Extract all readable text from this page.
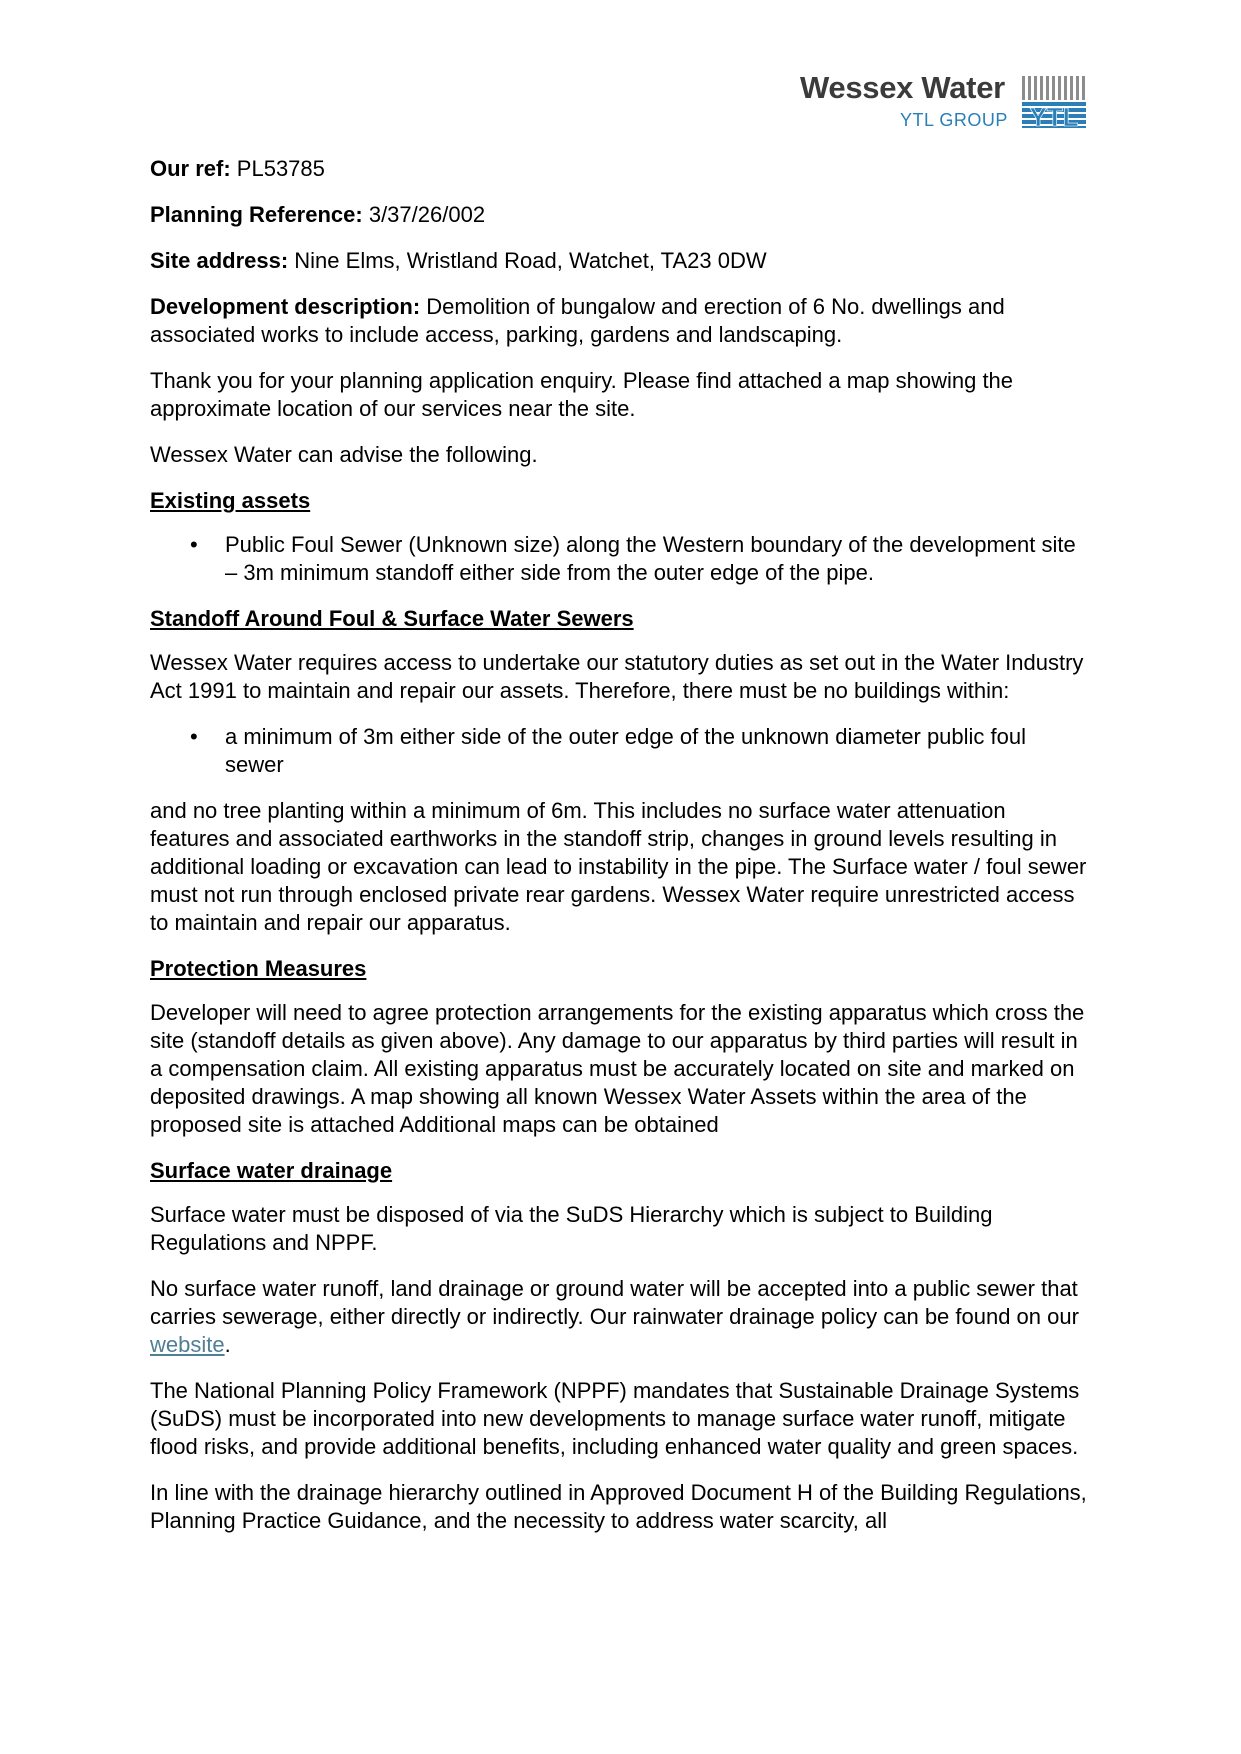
Wessex Water
YTL GROUP YTL

Our ref: PL53785

Planning Reference: 3/37/26/002

Site address: Nine Elms, Wristland Road, Watchet, TA23 0DW

Development description: Demolition of bungalow and erection of 6 No. dwellings and associated works to include access, parking, gardens and landscaping.

Thank you for your planning application enquiry. Please find attached a map showing the approximate location of our services near the site.

Wessex Water can advise the following.

Existing assets
• Public Foul Sewer (Unknown size) along the Western boundary of the development site – 3m minimum standoff either side from the outer edge of the pipe.
Standoff Around Foul & Surface Water Sewers

Wessex Water requires access to undertake our statutory duties as set out in the Water Industry Act 1991 to maintain and repair our assets. Therefore, there must be no buildings within:

• a minimum of 3m either side of the outer edge of the unknown diameter public foul sewer

and no tree planting within a minimum of 6m. This includes no surface water attenuation features and associated earthworks in the standoff strip, changes in ground levels resulting in additional loading or excavation can lead to instability in the pipe. The Surface water / foul sewer must not run through enclosed private rear gardens. Wessex Water require unrestricted access to maintain and repair our apparatus.

Protection Measures

Developer will need to agree protection arrangements for the existing apparatus which cross the site (standoff details as given above). Any damage to our apparatus by third parties will result in a compensation claim. All existing apparatus must be accurately located on site and marked on deposited drawings. A map showing all known Wessex Water Assets within the area of the proposed site is attached Additional maps can be obtained

Surface water drainage

Surface water must be disposed of via the SuDS Hierarchy which is subject to Building Regulations and NPPF.

No surface water runoff, land drainage or ground water will be accepted into a public sewer that carries sewerage, either directly or indirectly. Our rainwater drainage policy can be found on our website.

The National Planning Policy Framework (NPPF) mandates that Sustainable Drainage Systems (SuDS) must be incorporated into new developments to manage surface water runoff, mitigate flood risks, and provide additional benefits, including enhanced water quality and green spaces.

In line with the drainage hierarchy outlined in Approved Document H of the Building Regulations, Planning Practice Guidance, and the necessity to address water scarcity, all
